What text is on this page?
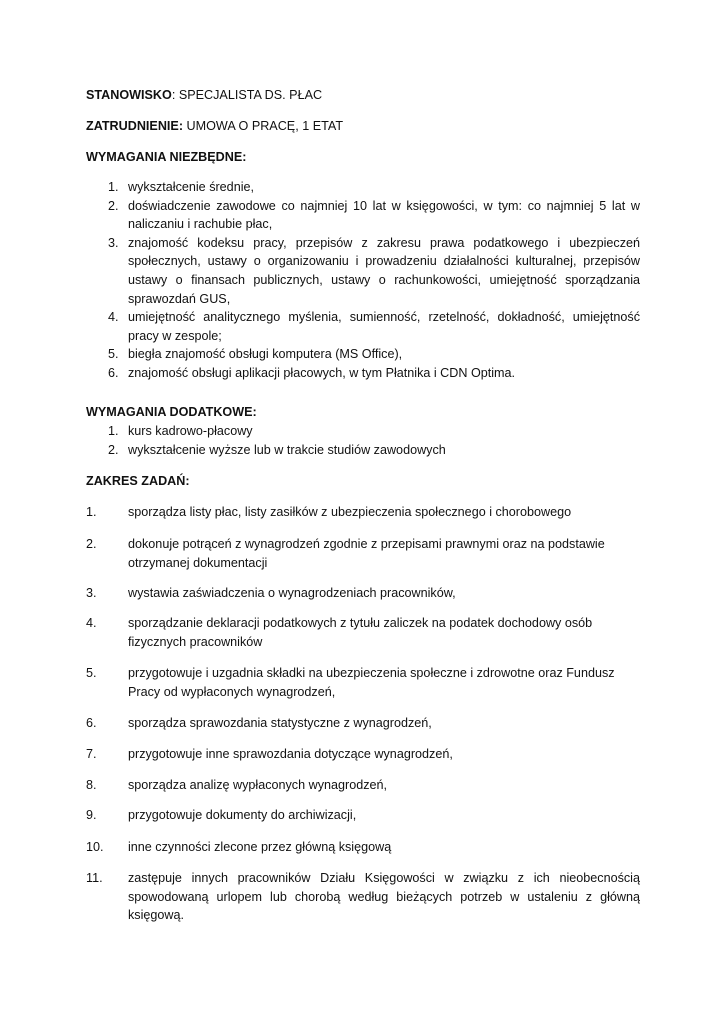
STANOWISKO: SPECJALISTA DS. PŁAC
ZATRUDNIENIE: UMOWA O PRACĘ, 1 ETAT
WYMAGANIA NIEZBĘDNE:
1. wykształcenie średnie,
2. doświadczenie zawodowe co najmniej 10 lat w księgowości, w tym: co najmniej 5 lat w naliczaniu i rachubie płac,
3. znajomość kodeksu pracy, przepisów z zakresu prawa podatkowego i ubezpieczeń społecznych, ustawy o organizowaniu i prowadzeniu działalności kulturalnej, przepisów ustawy o finansach publicznych, ustawy o rachunkowości, umiejętność sporządzania sprawozdań GUS,
4. umiejętność analitycznego myślenia, sumienność, rzetelność, dokładność, umiejętność pracy w zespole;
5. biegła znajomość obsługi komputera (MS Office),
6. znajomość obsługi aplikacji płacowych, w tym Płatnika i CDN Optima.
WYMAGANIA DODATKOWE:
1. kurs kadrowo-płacowy
2. wykształcenie wyższe lub w trakcie studiów zawodowych
ZAKRES ZADAŃ:
1. sporządza listy płac, listy zasiłków z ubezpieczenia społecznego i chorobowego
2. dokonuje potrąceń z wynagrodzeń zgodnie z przepisami prawnymi oraz na podstawie otrzymanej dokumentacji
3. wystawia zaświadczenia o wynagrodzeniach pracowników,
4. sporządzanie deklaracji podatkowych z tytułu zaliczek na podatek dochodowy osób fizycznych pracowników
5. przygotowuje i uzgadnia składki na ubezpieczenia społeczne i zdrowotne oraz Fundusz Pracy od wypłaconych wynagrodzeń,
6. sporządza sprawozdania statystyczne z wynagrodzeń,
7. przygotowuje inne sprawozdania dotyczące wynagrodzeń,
8. sporządza analizę wypłaconych wynagrodzeń,
9. przygotowuje dokumenty do archiwizacji,
10. inne czynności zlecone przez główną księgową
11. zastępuje innych pracowników Działu Księgowości w związku z ich nieobecnością spowodowaną urlopem lub chorobą według bieżących potrzeb w ustaleniu z główną księgową.
